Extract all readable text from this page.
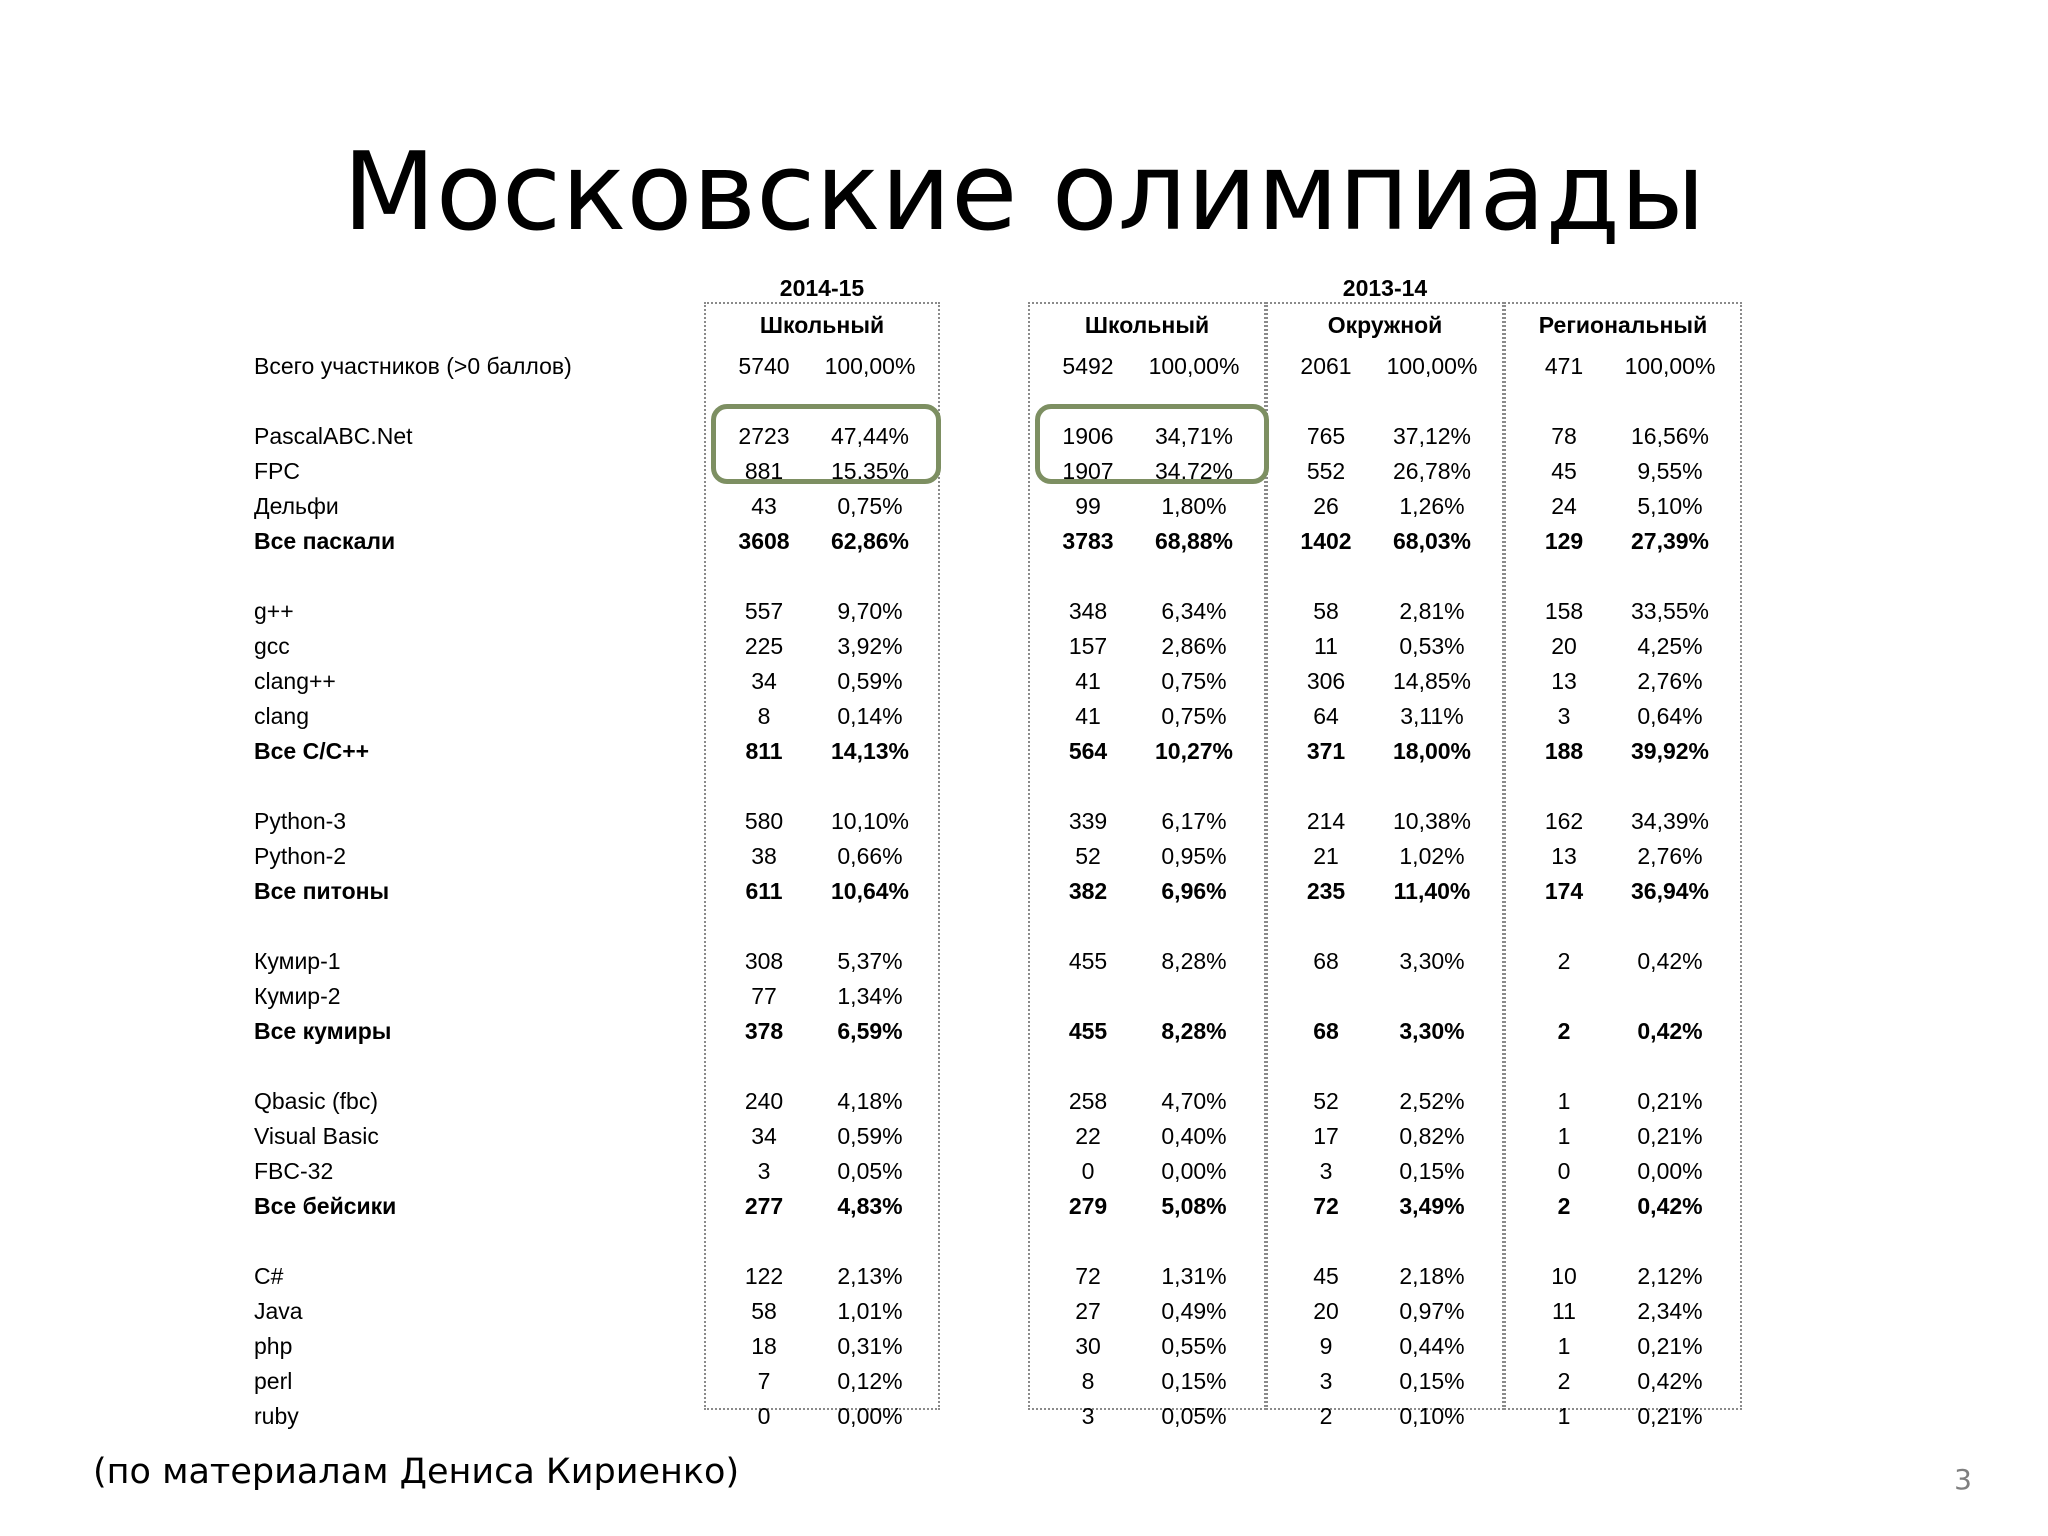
Московские олимпиады
2014-15	2013-14
Школьный	Школьный	Окружной	Региональный
Всего участников (>0 баллов)	5740	100,00%	5492	100,00%	2061	100,00%	471	100,00%
PascalABC.Net	2723	47,44%	1906	34,71%	765	37,12%	78	16,56%
FPC	881	15,35%	1907	34,72%	552	26,78%	45	9,55%
Дельфи	43	0,75%	99	1,80%	26	1,26%	24	5,10%
Все паскали	3608	62,86%	3783	68,88%	1402	68,03%	129	27,39%
g++	557	9,70%	348	6,34%	58	2,81%	158	33,55%
gcc	225	3,92%	157	2,86%	11	0,53%	20	4,25%
clang++	34	0,59%	41	0,75%	306	14,85%	13	2,76%
clang	8	0,14%	41	0,75%	64	3,11%	3	0,64%
Все C/C++	811	14,13%	564	10,27%	371	18,00%	188	39,92%
Python-3	580	10,10%	339	6,17%	214	10,38%	162	34,39%
Python-2	38	0,66%	52	0,95%	21	1,02%	13	2,76%
Все питоны	611	10,64%	382	6,96%	235	11,40%	174	36,94%
Кумир-1	308	5,37%	455	8,28%	68	3,30%	2	0,42%
Кумир-2	77	1,34%
Все кумиры	378	6,59%	455	8,28%	68	3,30%	2	0,42%
Qbasic (fbc)	240	4,18%	258	4,70%	52	2,52%	1	0,21%
Visual Basic	34	0,59%	22	0,40%	17	0,82%	1	0,21%
FBC-32	3	0,05%	0	0,00%	3	0,15%	0	0,00%
Все бейсики	277	4,83%	279	5,08%	72	3,49%	2	0,42%
C#	122	2,13%	72	1,31%	45	2,18%	10	2,12%
Java	58	1,01%	27	0,49%	20	0,97%	11	2,34%
php	18	0,31%	30	0,55%	9	0,44%	1	0,21%
perl	7	0,12%	8	0,15%	3	0,15%	2	0,42%
ruby	0	0,00%	3	0,05%	2	0,10%	1	0,21%
(по материалам Дениса Кириенко)	3
